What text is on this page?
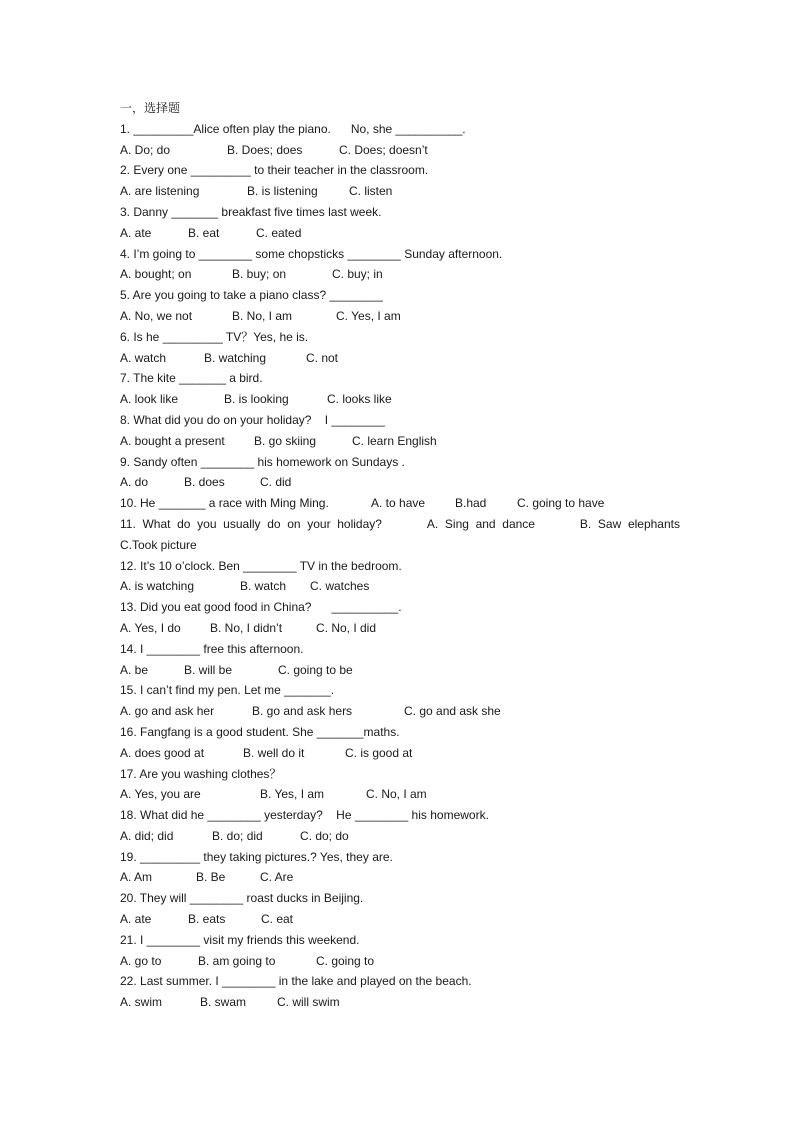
一，选择题
1. _________Alice often play the piano.      No, she __________.
A. Do; do	B. Does; does	C. Does; doesn’t
2. Every one _________ to their teacher in the classroom.
A. are listening	B. is listening	C. listen
3. Danny _______ breakfast five times last week.
A. ate	B. eat	C. eated
4. I’m going to ________ some chopsticks ________ Sunday afternoon.
A. bought; on	B. buy; on	C. buy; in
5. Are you going to take a piano class? ________
A. No, we not	B. No, I am	C. Yes, I am
6. Is he _________ TV？Yes, he is.
A. watch	B. watching	C. not
7. The kite _______ a bird.
A. look like	B. is looking	C. looks like
8. What did you do on your holiday?    I ________
A. bought a present	B. go skiing	C. learn English
9. Sandy often ________ his homework on Sundays .
A. do	B. does	C. did
10. He _______ a race with Ming Ming.	A. to have	B.had	C. going to have
11.  What  do  you  usually  do  on  your  holiday?	A.  Sing  and  dance	B.  Saw  elephants
C.Took picture
12. It’s 10 o’clock. Ben ________ TV in the bedroom.
A. is watching	B. watch	C. watches
13. Did you eat good food in China?      __________.
A. Yes, I do	B. No, I didn’t	C. No, I did
14. I ________ free this afternoon.
A. be	B. will be	C. going to be
15. I can’t find my pen. Let me _______.
A. go and ask her	B. go and ask hers	C. go and ask she
16. Fangfang is a good student. She _______maths.
A. does good at	B. well do it	C. is good at
17. Are you washing clothes？
A. Yes, you are	B. Yes, I am	C. No, I am
18. What did he ________ yesterday?    He ________ his homework.
A. did; did	B. do; did	C. do; do
19. _________ they taking pictures.? Yes, they are.
A. Am	B. Be	C. Are
20. They will ________ roast ducks in Beijing.
A. ate	B. eats	C. eat
21. I ________ visit my friends this weekend.
A. go to	B. am going to	C. going to
22. Last summer. I ________ in the lake and played on the beach.
A. swim	B. swam	C. will swim
